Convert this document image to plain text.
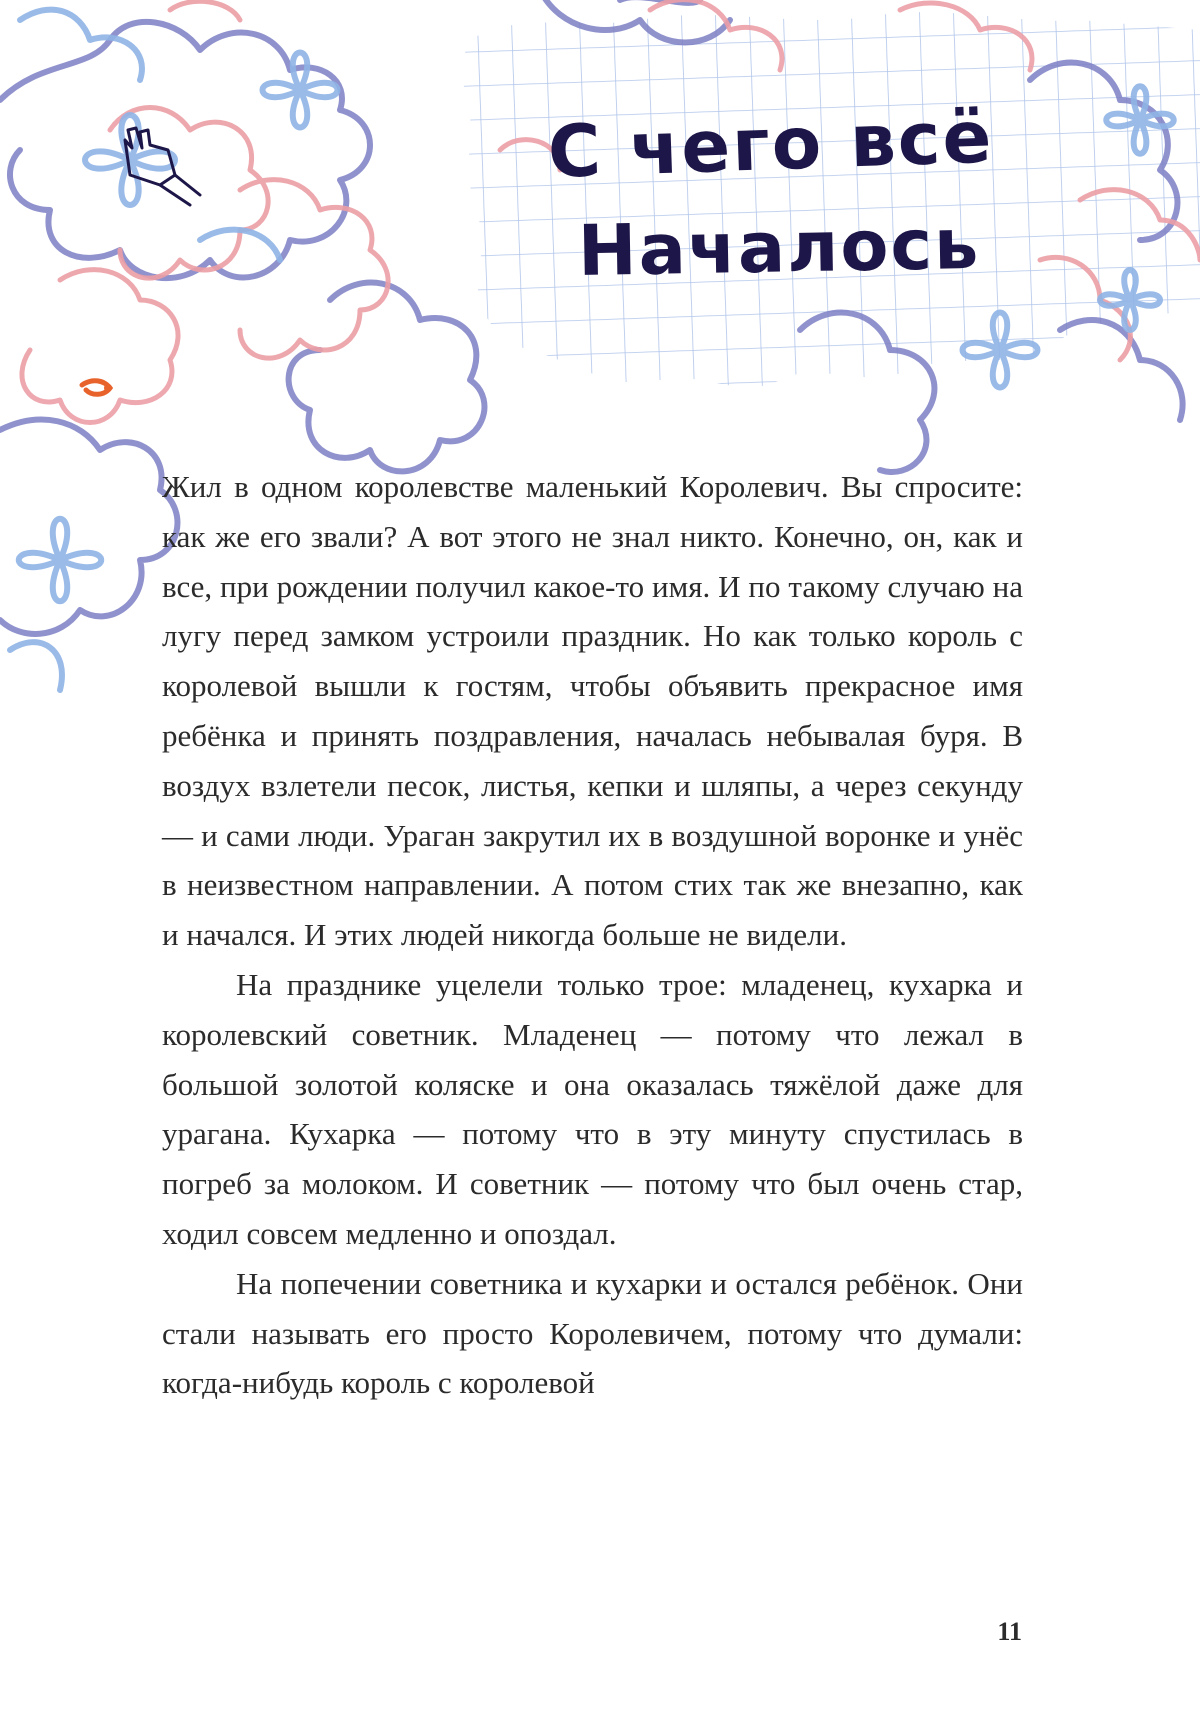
С чего всё
Началось

Жил в одном королевстве маленький Королевич. Вы спросите: как же его звали? А вот этого не знал никто. Конечно, он, как и все, при рождении получил какое-то имя. И по такому случаю на лугу перед замком устроили праздник. Но как только король с королевой вышли к гостям, чтобы объявить прекрасное имя ребёнка и принять поздравления, началась небывалая буря. В воздух взлетели песок, листья, кепки и шляпы, а через секунду — и сами люди. Ураган закрутил их в воздушной воронке и унёс в неизвестном направлении. А потом стих так же внезапно, как и начался. И этих людей никогда больше не видели.

На празднике уцелели только трое: младенец, кухарка и королевский советник. Младенец — потому что лежал в большой золотой коляске и она оказалась тяжёлой даже для урагана. Кухарка — потому что в эту минуту спустилась в погреб за молоком. И советник — потому что был очень стар, ходил совсем медленно и опоздал.

На попечении советника и кухарки и остался ребёнок. Они стали называть его просто Королевичем, потому что думали: когда-нибудь король с королевой

11
